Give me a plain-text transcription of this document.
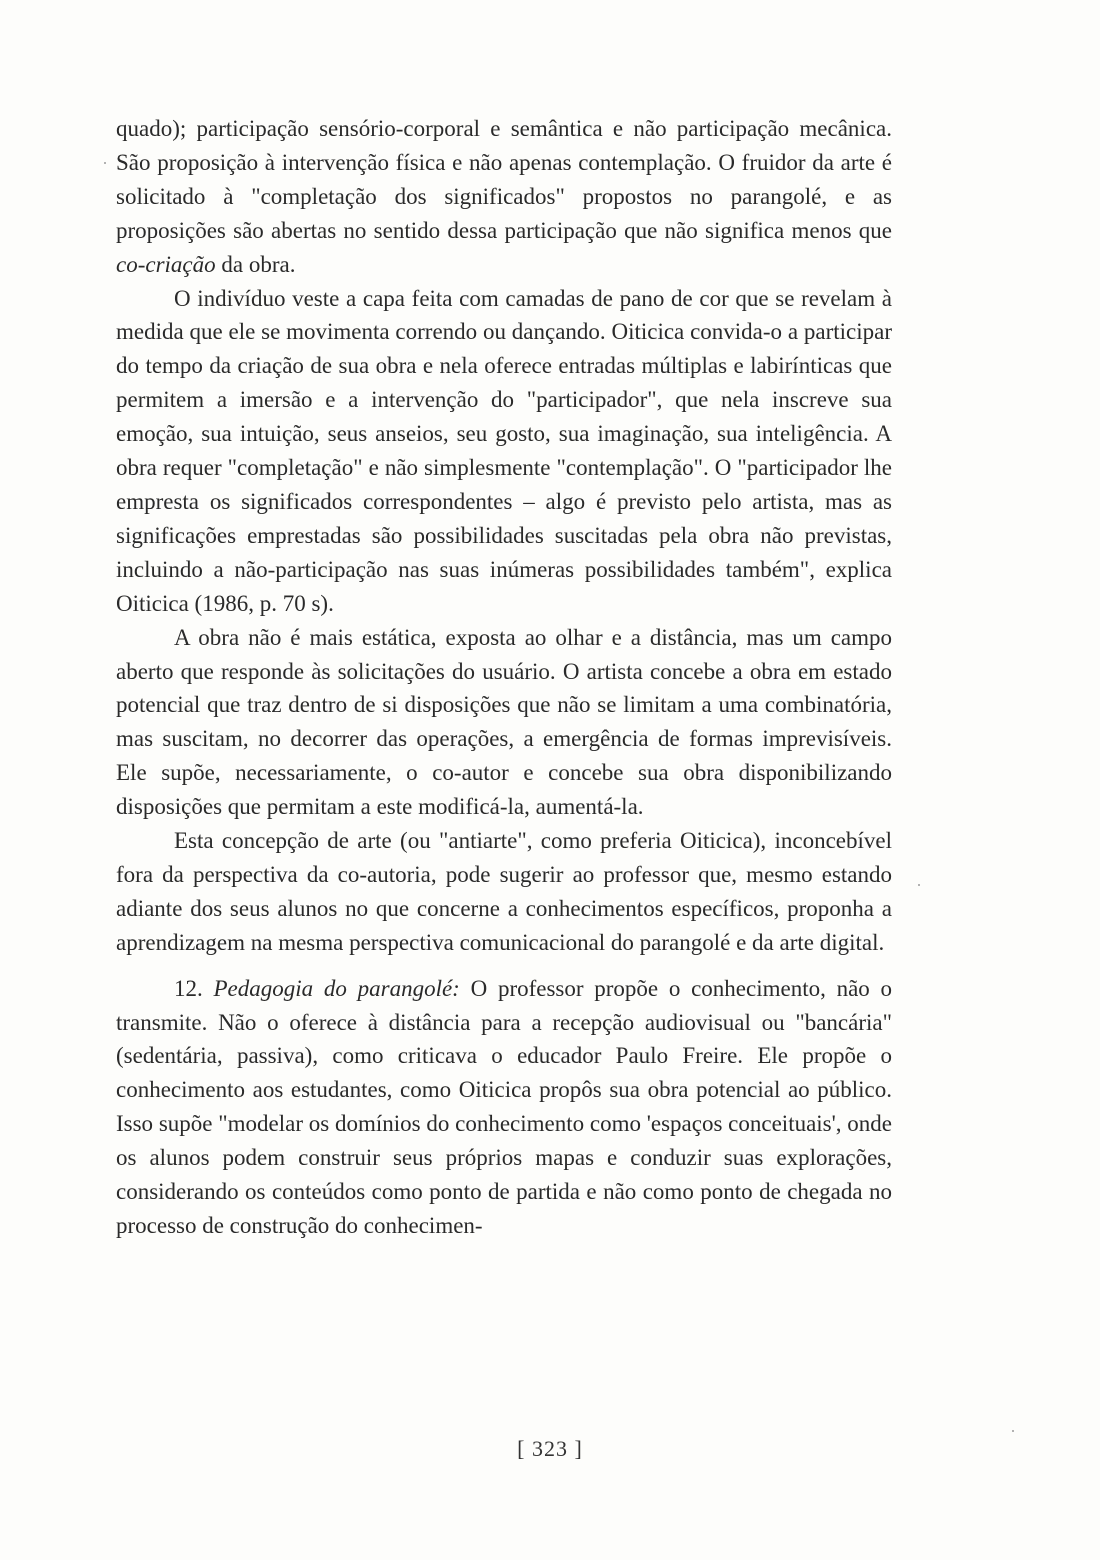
quado); participação sensório-corporal e semântica e não participação mecânica. São proposição à intervenção física e não apenas contemplação. O fruidor da arte é solicitado à "completação dos significados" propostos no parangolé, e as proposições são abertas no sentido dessa participação que não significa menos que co-criação da obra.

O indivíduo veste a capa feita com camadas de pano de cor que se revelam à medida que ele se movimenta correndo ou dançando. Oiticica convida-o a participar do tempo da criação de sua obra e nela oferece entradas múltiplas e labirínticas que permitem a imersão e a intervenção do "participador", que nela inscreve sua emoção, sua intuição, seus anseios, seu gosto, sua imaginação, sua inteligência. A obra requer "completação" e não simplesmente "contemplação". O "participador lhe empresta os significados correspondentes – algo é previsto pelo artista, mas as significações emprestadas são possibilidades suscitadas pela obra não previstas, incluindo a não-participação nas suas inúmeras possibilidades também", explica Oiticica (1986, p. 70 s).

A obra não é mais estática, exposta ao olhar e a distância, mas um campo aberto que responde às solicitações do usuário. O artista concebe a obra em estado potencial que traz dentro de si disposições que não se limitam a uma combinatória, mas suscitam, no decorrer das operações, a emergência de formas imprevisíveis. Ele supõe, necessariamente, o co-autor e concebe sua obra disponibilizando disposições que permitam a este modificá-la, aumentá-la.

Esta concepção de arte (ou "antiarte", como preferia Oiticica), inconcebível fora da perspectiva da co-autoria, pode sugerir ao professor que, mesmo estando adiante dos seus alunos no que concerne a conhecimentos específicos, proponha a aprendizagem na mesma perspectiva comunicacional do parangolé e da arte digital.

12. Pedagogia do parangolé: O professor propõe o conhecimento, não o transmite. Não o oferece à distância para a recepção audiovisual ou "bancária" (sedentária, passiva), como criticava o educador Paulo Freire. Ele propõe o conhecimento aos estudantes, como Oiticica propôs sua obra potencial ao público. Isso supõe "modelar os domínios do conhecimento como 'espaços conceituais', onde os alunos podem construir seus próprios mapas e conduzir suas explorações, considerando os conteúdos como ponto de partida e não como ponto de chegada no processo de construção do conhecimen-

[ 323 ]
